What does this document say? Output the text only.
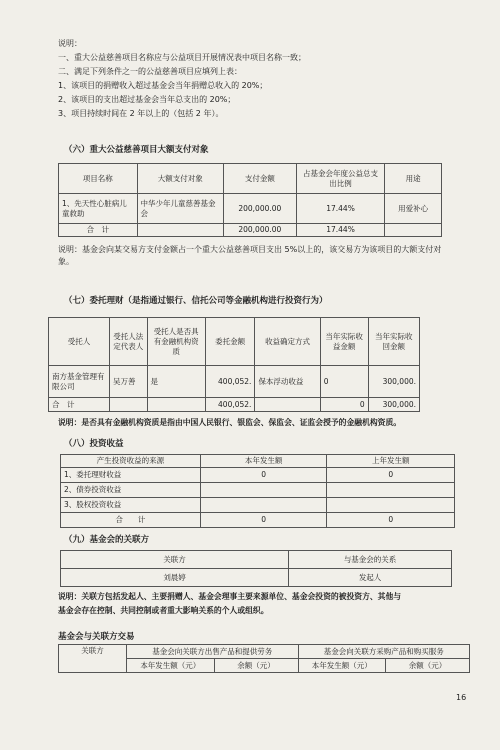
说明：
一、重大公益慈善项目名称应与公益项目开展情况表中项目名称一致；
二、满足下列条件之一的公益慈善项目应填列上表：
1、该项目的捐赠收入超过基金会当年捐赠总收入的 20%；
2、该项目的支出超过基金会当年总支出的 20%；
3、项目持续时间在 2 年以上的（包括 2 年）。
（六）重大公益慈善项目大额支付对象
项目名称	大额支付对象	支付金额	占基金会年度公益总支出比例	用途
1、先天性心脏病儿童救助	中华少年儿童慈善基金会	200,000.00	17.44%	用爱补心
合　计		200,000.00	17.44%	
说明：基金会向某交易方支付金额占一个重大公益慈善项目支出 5%以上的，该交易方为该项目的大额支付对象。
（七）委托理财（是指通过银行、信托公司等金融机构进行投资行为）
受托人	受托人法定代表人	受托人是否具有金融机构资质	委托金额	收益确定方式	当年实际收益金额	当年实际收回金额
南方基金管理有限公司	吴万善	是	400,052.	保本浮动收益	0	300,000.
合　计			400,052.		0	300,000.
说明：是否具有金融机构资质是指由中国人民银行、银监会、保监会、证监会授予的金融机构资质。
（八）投资收益
产生投资收益的来源	本年发生额	上年发生额
1、委托理财收益	0	0
2、债券投资收益		
3、股权投资收益		
合　　计	0	0
（九）基金会的关联方
关联方	与基金会的关系
刘晨婷	发起人
说明：关联方包括发起人、主要捐赠人、基金会理事主要来源单位、基金会投资的被投资方、其他与
基金会存在控制、共同控制或者重大影响关系的个人或组织。
基金会与关联方交易
关联方	基金会向关联方出售产品和提供劳务		基金会向关联方采购产品和购买服务	
	本年发生额（元）	余额（元）	本年发生额（元）	余额（元）
16
